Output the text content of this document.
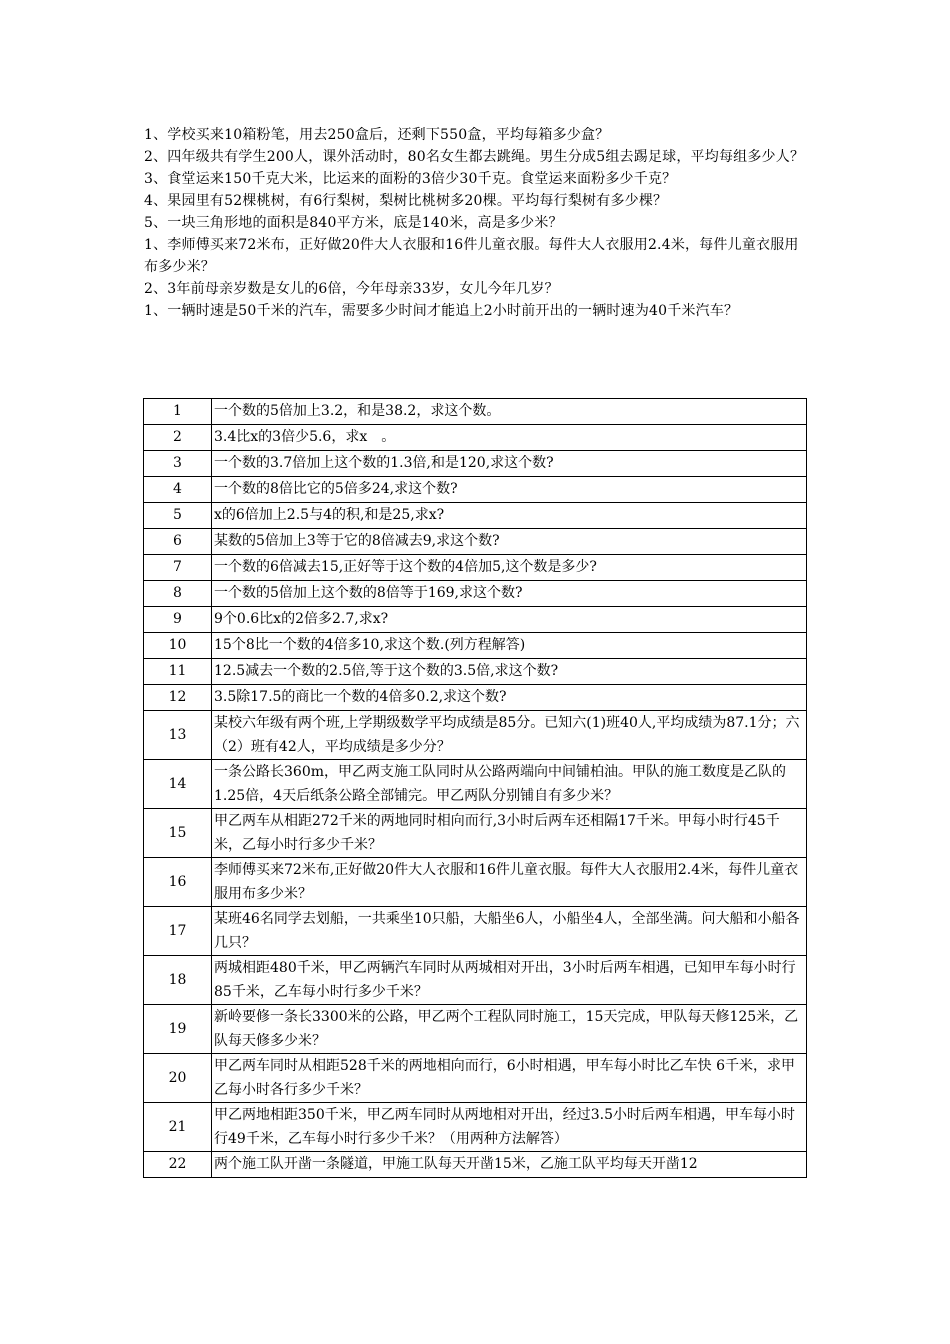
1、学校买来10箱粉笔，用去250盒后，还剩下550盒，平均每箱多少盒？

2、四年级共有学生200人，课外活动时，80名女生都去跳绳。男生分成5组去踢足球，平均每组多少人？

3、食堂运来150千克大米，比运来的面粉的3倍少30千克。食堂运来面粉多少千克？

4、果园里有52棵桃树，有6行梨树，梨树比桃树多20棵。平均每行梨树有多少棵？

5、一块三角形地的面积是840平方米，底是140米，高是多少米？

1、李师傅买来72米布，正好做20件大人衣服和16件儿童衣服。每件大人衣服用2.4米，每件儿童衣服用布多少米？

2、3年前母亲岁数是女儿的6倍，今年母亲33岁，女儿今年几岁？

1、一辆时速是50千米的汽车，需要多少时间才能追上2小时前开出的一辆时速为40千米汽车？

1	一个数的5倍加上3.2，和是38.2，求这个数。
2	3.4比x的3倍少5.6，求x　。
3	一个数的3.7倍加上这个数的1.3倍,和是120,求这个数?
4	一个数的8倍比它的5倍多24,求这个数?
5	x的6倍加上2.5与4的积,和是25,求x?
6	某数的5倍加上3等于它的8倍减去9,求这个数?
7	一个数的6倍减去15,正好等于这个数的4倍加5,这个数是多少?
8	一个数的5倍加上这个数的8倍等于169,求这个数?
9	9个0.6比x的2倍多2.7,求x?
10	15个8比一个数的4倍多10,求这个数.(列方程解答)
11	12.5减去一个数的2.5倍,等于这个数的3.5倍,求这个数?
12	3.5除17.5的商比一个数的4倍多0.2,求这个数?
13	某校六年级有两个班,上学期级数学平均成绩是85分。已知六(1)班40人,平均成绩为87.1分；六（2）班有42人，平均成绩是多少分？
14	一条公路长360m，甲乙两支施工队同时从公路两端向中间铺柏油。甲队的施工数度是乙队的1.25倍，4天后纸条公路全部铺完。甲乙两队分别铺自有多少米？
15	甲乙两车从相距272千米的两地同时相向而行,3小时后两车还相隔17千米。甲每小时行45千米，乙每小时行多少千米？
16	李师傅买来72米布,正好做20件大人衣服和16件儿童衣服。每件大人衣服用2.4米，每件儿童衣服用布多少米？
17	某班46名同学去划船，一共乘坐10只船，大船坐6人，小船坐4人，全部坐满。问大船和小船各几只？
18	两城相距480千米，甲乙两辆汽车同时从两城相对开出，3小时后两车相遇，已知甲车每小时行85千米，乙车每小时行多少千米？
19	新岭要修一条长3300米的公路，甲乙两个工程队同时施工，15天完成，甲队每天修125米，乙队每天修多少米？
20	甲乙两车同时从相距528千米的两地相向而行，6小时相遇，甲车每小时比乙车快 6千米，求甲乙每小时各行多少千米？
21	甲乙两地相距350千米，甲乙两车同时从两地相对开出，经过3.5小时后两车相遇，甲车每小时行49千米，乙车每小时行多少千米？（用两种方法解答）
22	两个施工队开凿一条隧道，甲施工队每天开凿15米，乙施工队平均每天开凿12
